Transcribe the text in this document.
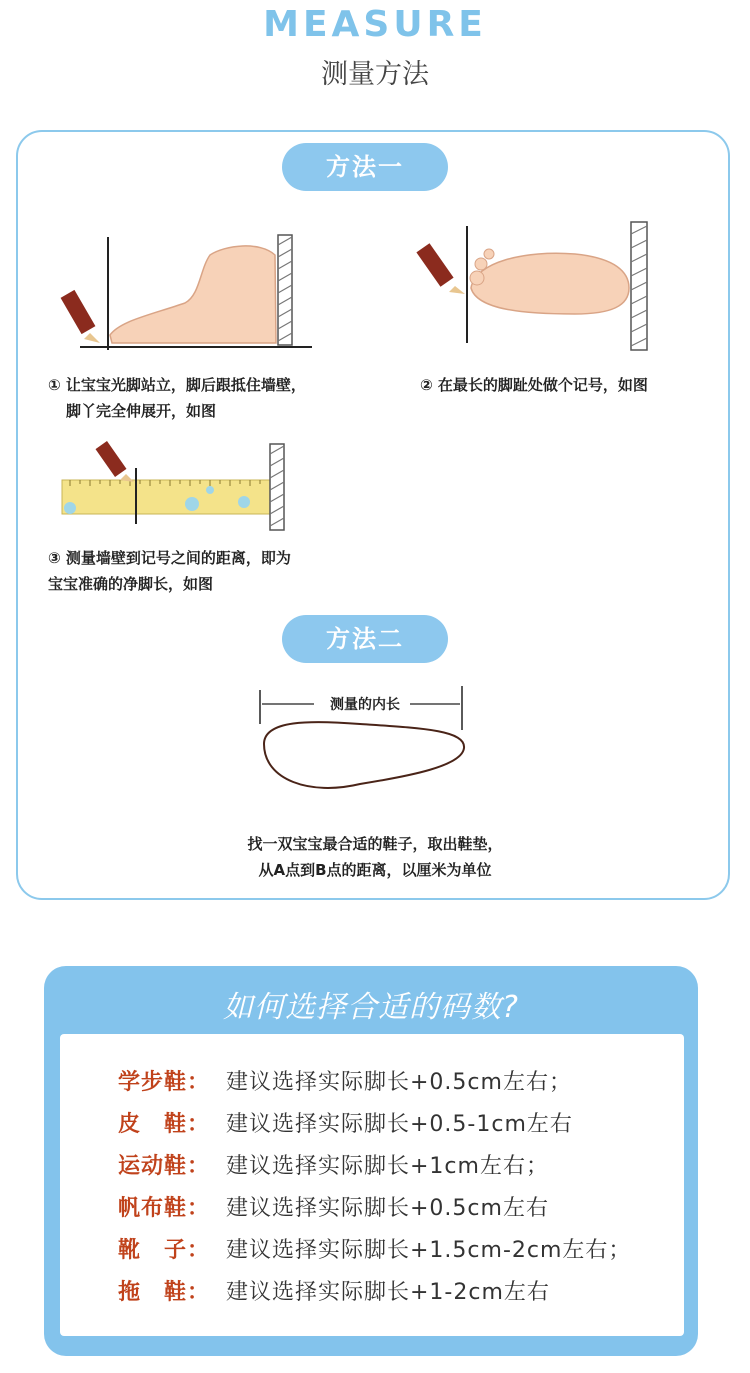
MEASURE
测量方法
方法一
① 让宝宝光脚站立，脚后跟抵住墙壁，
脚丫完全伸展开，如图
② 在最长的脚趾处做个记号，如图
③ 测量墙壁到记号之间的距离，即为
宝宝准确的净脚长，如图
方法二
测量的内长
找一双宝宝最合适的鞋子，取出鞋垫，
从A点到B点的距离，以厘米为单位
如何选择合适的码数?
学步鞋： 建议选择实际脚长+0.5cm左右；
皮　鞋： 建议选择实际脚长+0.5-1cm左右
运动鞋： 建议选择实际脚长+1cm左右；
帆布鞋： 建议选择实际脚长+0.5cm左右
靴　子： 建议选择实际脚长+1.5cm-2cm左右；
拖　鞋： 建议选择实际脚长+1-2cm左右
